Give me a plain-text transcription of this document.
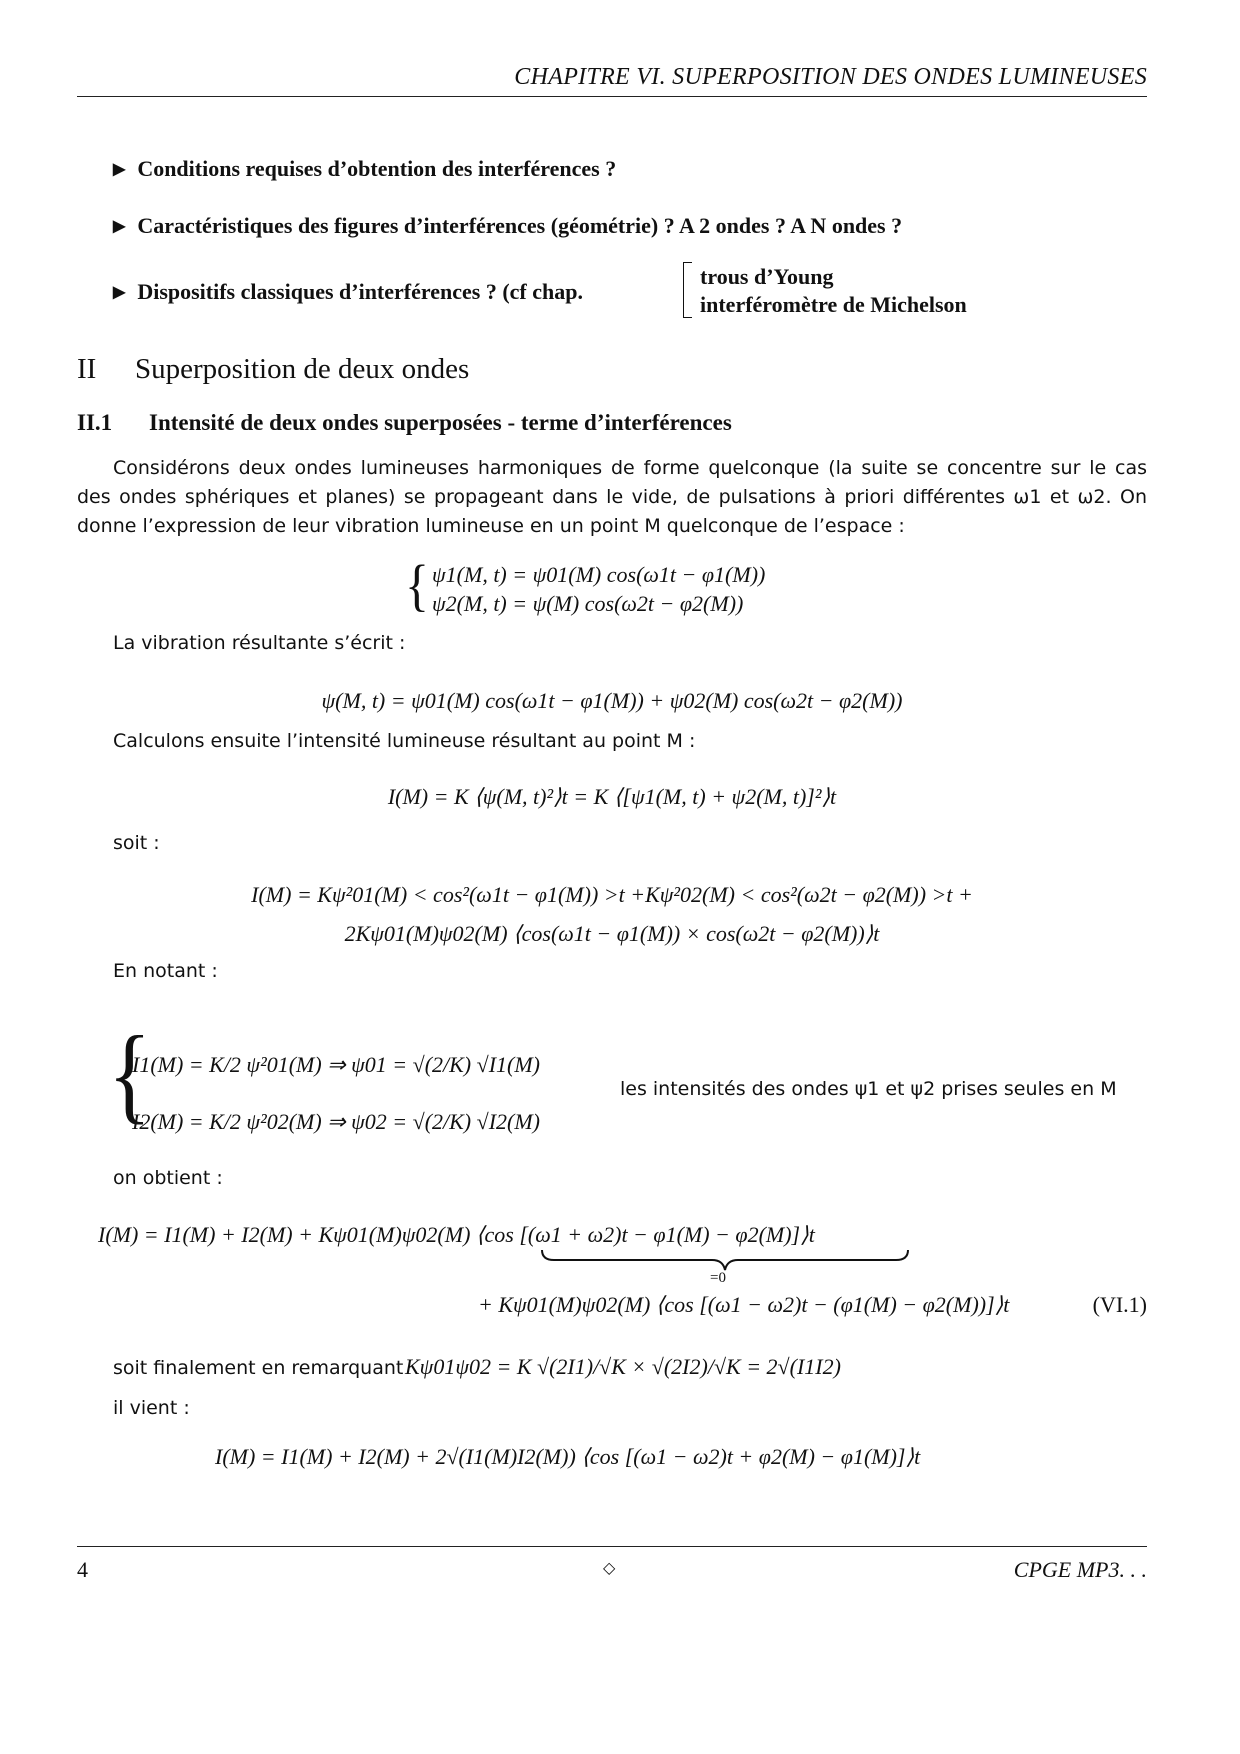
CHAPITRE VI. SUPERPOSITION DES ONDES LUMINEUSES
▶ Conditions requises d’obtention des interférences ?
▶ Caractéristiques des figures d’interférences (géométrie) ? A 2 ondes ? A N ondes ?
▶ Dispositifs classiques d’interférences ? (cf chap.
trous d’Young
interféromètre de Michelson
II Superposition de deux ondes
II.1 Intensité de deux ondes superposées - terme d’interférences
Considérons deux ondes lumineuses harmoniques de forme quelconque (la suite se concentre sur le cas des ondes sphériques et planes) se propageant dans le vide, de pulsations à priori différentes ω1 et ω2. On donne l’expression de leur vibration lumineuse en un point M quelconque de l’espace :
{ ψ1(M, t) = ψ01(M) cos(ω1t − φ1(M))
ψ2(M, t) = ψ(M) cos(ω2t − φ2(M))
La vibration résultante s’écrit :
ψ(M, t) = ψ01(M) cos(ω1t − φ1(M)) + ψ02(M) cos(ω2t − φ2(M))
Calculons ensuite l’intensité lumineuse résultant au point M :
I(M) = K ⟨ψ(M, t)²⟩t = K ⟨[ψ1(M, t) + ψ2(M, t)]²⟩t
soit :
I(M) = Kψ²01(M) < cos²(ω1t − φ1(M)) >t +Kψ²02(M) < cos²(ω2t − φ2(M)) >t +
2Kψ01(M)ψ02(M) ⟨cos(ω1t − φ1(M)) × cos(ω2t − φ2(M))⟩t
En notant :
{
I1(M) = K/2 ψ²01(M) ⇒ ψ01 = √(2/K) √I1(M)
I2(M) = K/2 ψ²02(M) ⇒ ψ02 = √(2/K) √I2(M)
les intensités des ondes ψ1 et ψ2 prises seules en M
on obtient :
I(M) = I1(M) + I2(M) + Kψ01(M)ψ02(M) ⟨cos [(ω1 + ω2)t − φ1(M) − φ2(M)]⟩t
=0
+ Kψ01(M)ψ02(M) ⟨cos [(ω1 − ω2)t − (φ1(M) − φ2(M))]⟩t	(VI.1)
soit finalement en remarquant Kψ01ψ02 = K √(2I1)/√K × √(2I2)/√K = 2√(I1I2)
il vient :
I(M) = I1(M) + I2(M) + 2√(I1(M)I2(M)) ⟨cos [(ω1 − ω2)t + φ2(M) − φ1(M)]⟩t
4	◇	CPGE MP3. . .
